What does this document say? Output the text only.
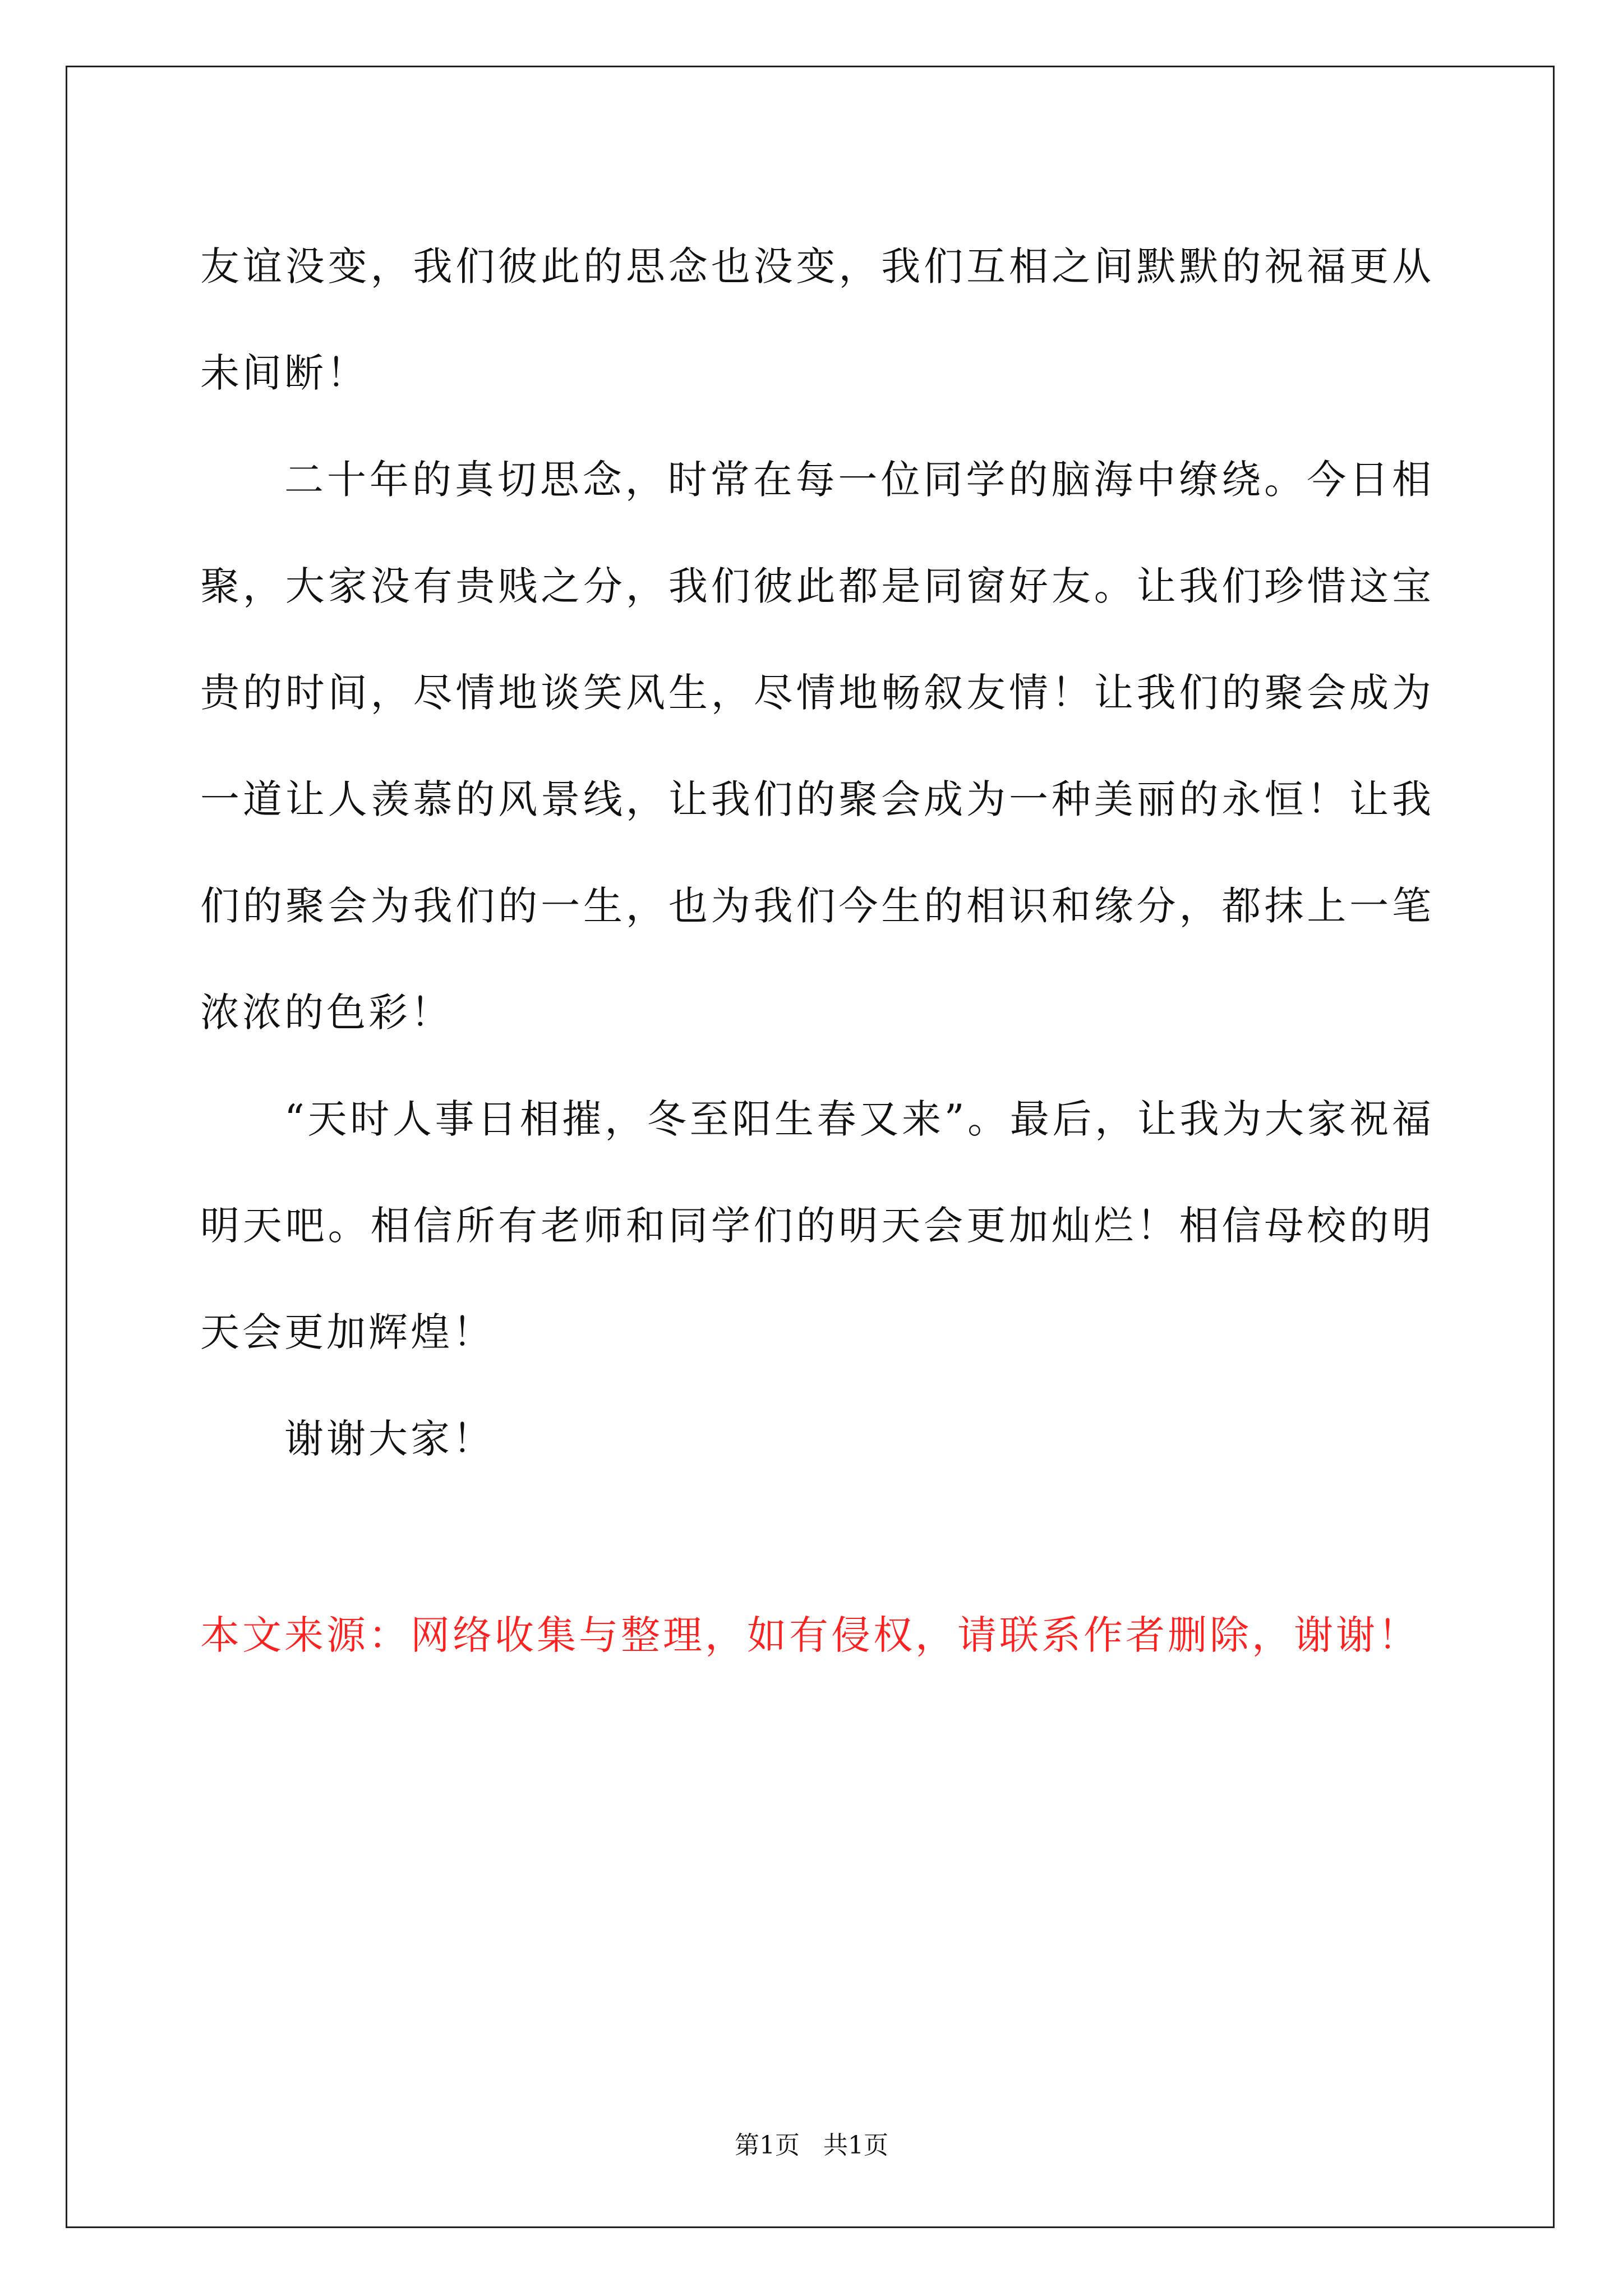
友谊没变，我们彼此的思念也没变，我们互相之间默默的祝福更从未间断！

二十年的真切思念，时常在每一位同学的脑海中缭绕。今日相聚，大家没有贵贱之分，我们彼此都是同窗好友。让我们珍惜这宝贵的时间，尽情地谈笑风生，尽情地畅叙友情！让我们的聚会成为一道让人羡慕的风景线，让我们的聚会成为一种美丽的永恒！让我们的聚会为我们的一生，也为我们今生的相识和缘分，都抹上一笔浓浓的色彩！

“天时人事日相摧，冬至阳生春又来”。最后，让我为大家祝福明天吧。相信所有老师和同学们的明天会更加灿烂！相信母校的明天会更加辉煌！

谢谢大家！

本文来源：网络收集与整理，如有侵权，请联系作者删除，谢谢！

第1页   共1页
